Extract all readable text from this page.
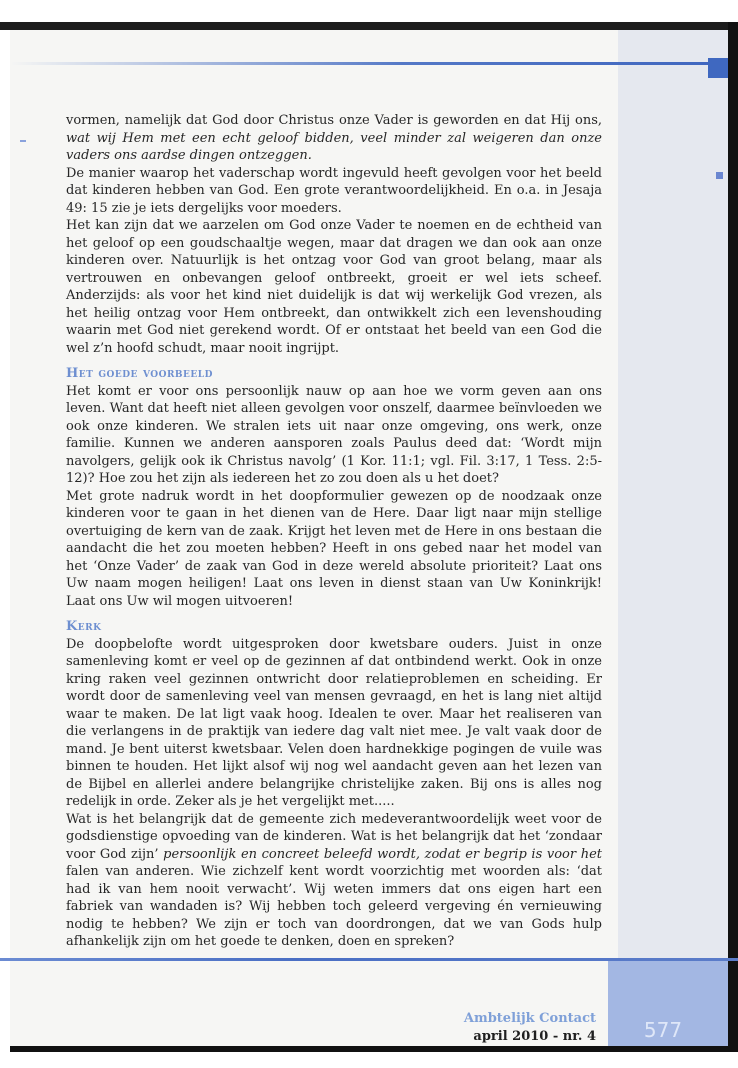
vormen, namelijk dat God door Christus onze Vader is geworden en dat Hij ons, wat wij Hem met een echt geloof bidden, veel minder zal weigeren dan onze vaders ons aardse dingen ontzeggen.

De manier waarop het vaderschap wordt ingevuld heeft gevolgen voor het beeld dat kinderen hebben van God. Een grote verantwoordelijkheid. En o.a. in Jesaja 49: 15 zie je iets dergelijks voor moeders.

Het kan zijn dat we aarzelen om God onze Vader te noemen en de echtheid van het geloof op een goudschaaltje wegen, maar dat dragen we dan ook aan onze kinderen over. Natuurlijk is het ontzag voor God van groot belang, maar als vertrouwen en onbevangen geloof ontbreekt, groeit er wel iets scheef. Anderzijds: als voor het kind niet duidelijk is dat wij werkelijk God vrezen, als het heilig ontzag voor Hem ontbreekt, dan ontwikkelt zich een levenshouding waarin met God niet gerekend wordt. Of er ontstaat het beeld van een God die wel z’n hoofd schudt, maar nooit ingrijpt.

Het goede voorbeeld

Het komt er voor ons persoonlijk nauw op aan hoe we vorm geven aan ons leven. Want dat heeft niet alleen gevolgen voor onszelf, daarmee beïnvloeden we ook onze kinderen. We stralen iets uit naar onze omgeving, ons werk, onze familie. Kunnen we anderen aansporen zoals Paulus deed dat: ‘Wordt mijn navolgers, gelijk ook ik Christus navolg’ (1 Kor. 11:1; vgl. Fil. 3:17, 1 Tess. 2:5-12)? Hoe zou het zijn als iedereen het zo zou doen als u het doet?

Met grote nadruk wordt in het doopformulier gewezen op de noodzaak onze kinderen voor te gaan in het dienen van de Here. Daar ligt naar mijn stellige overtuiging de kern van de zaak. Krijgt het leven met de Here in ons bestaan die aandacht die het zou moeten hebben? Heeft in ons gebed naar het model van het ‘Onze Vader’ de zaak van God in deze wereld absolute prioriteit? Laat ons Uw naam mogen heiligen! Laat ons leven in dienst staan van Uw Koninkrijk! Laat ons Uw wil mogen uitvoeren!

Kerk

De doopbelofte wordt uitgesproken door kwetsbare ouders. Juist in onze samenleving komt er veel op de gezinnen af dat ontbindend werkt. Ook in onze kring raken veel gezinnen ontwricht door relatieproblemen en scheiding. Er wordt door de samenleving veel van mensen gevraagd, en het is lang niet altijd waar te maken. De lat ligt vaak hoog. Idealen te over. Maar het realiseren van die verlangens in de praktijk van iedere dag valt niet mee. Je valt vaak door de mand. Je bent uiterst kwetsbaar. Velen doen hardnekkige pogingen de vuile was binnen te houden. Het lijkt alsof wij nog wel aandacht geven aan het lezen van de Bijbel en allerlei andere belangrijke christelijke zaken. Bij ons is alles nog redelijk in orde. Zeker als je het vergelijkt met.....

Wat is het belangrijk dat de gemeente zich medeverantwoordelijk weet voor de godsdienstige opvoeding van de kinderen. Wat is het belangrijk dat het ‘zondaar voor God zijn’ persoonlijk en concreet beleefd wordt, zodat er begrip is voor het falen van anderen. Wie zichzelf kent wordt voorzichtig met woorden als: ‘dat had ik van hem nooit verwacht’. Wij weten immers dat ons eigen hart een fabriek van wandaden is? Wij hebben toch geleerd vergeving én vernieuwing nodig te hebben? We zijn er toch van doordrongen, dat we van Gods hulp afhankelijk zijn om het goede te denken, doen en spreken?

577
Ambtelijk Contact
april 2010 - nr. 4
